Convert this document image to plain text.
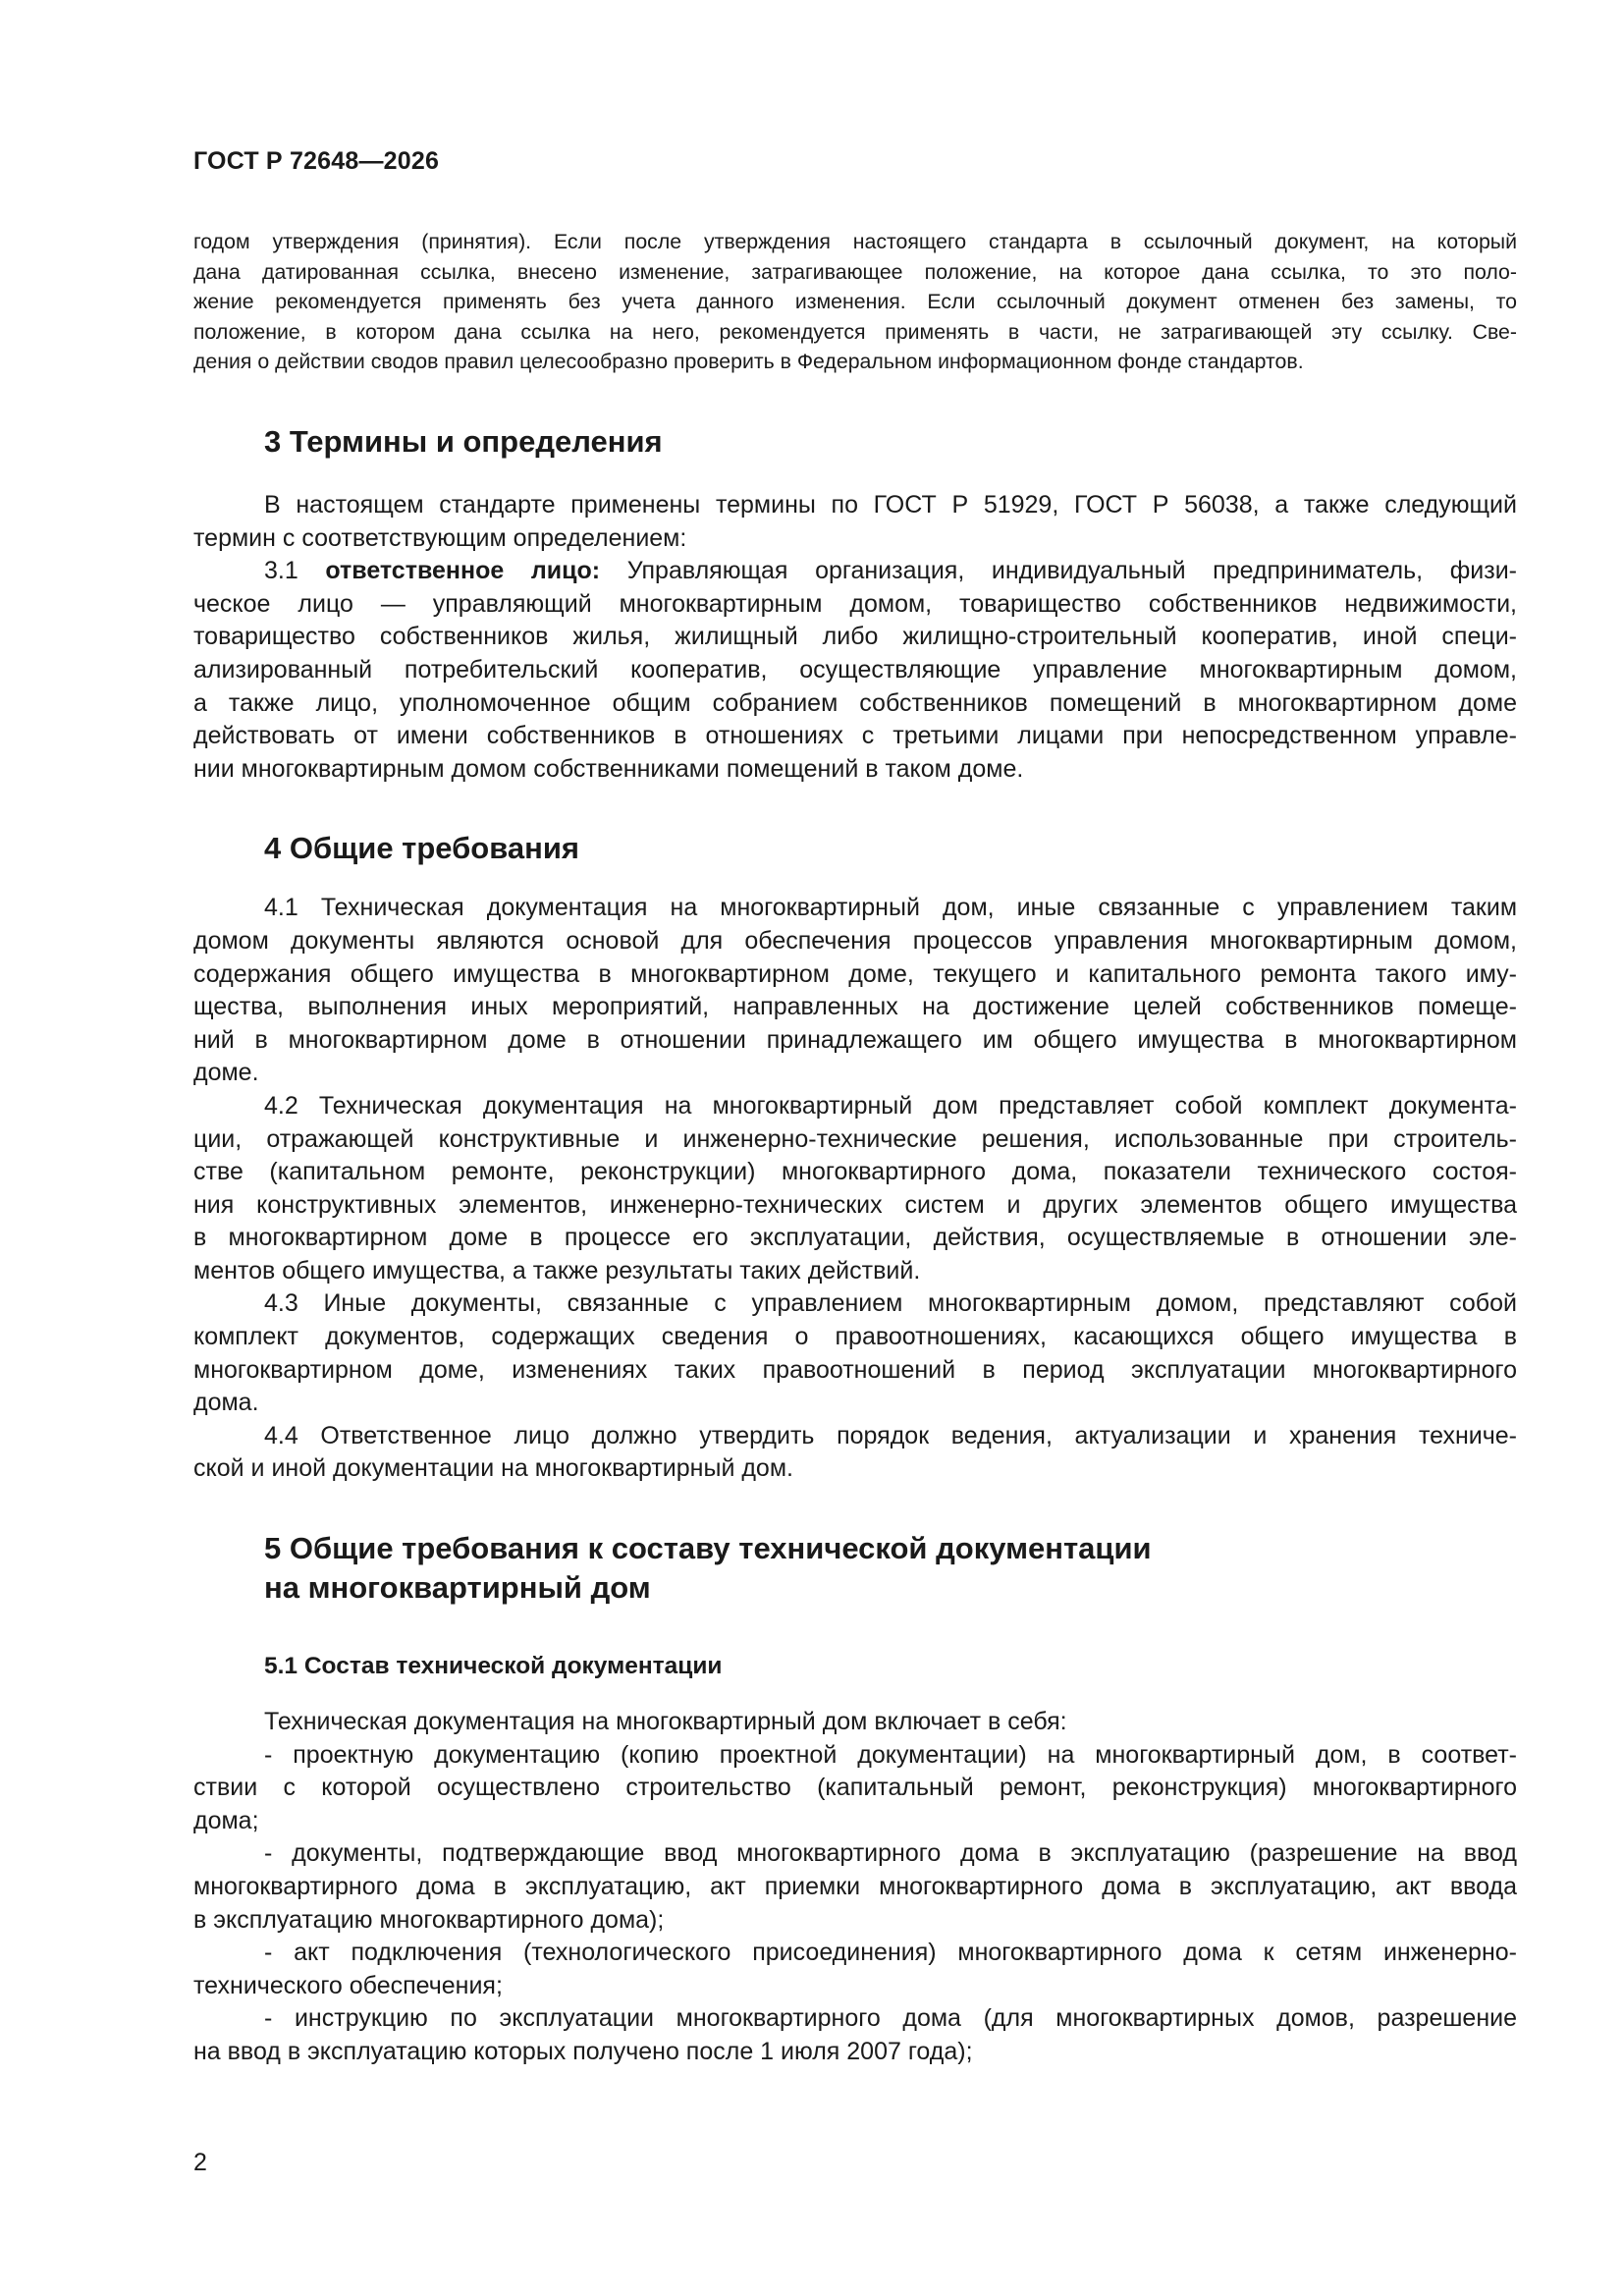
ГОСТ Р 72648—2026

годом утверждения (принятия). Если после утверждения настоящего стандарта в ссылочный документ, на который

дана датированная ссылка, внесено изменение, затрагивающее положение, на которое дана ссылка, то это поло-

жение рекомендуется применять без учета данного изменения. Если ссылочный документ отменен без замены, то

положение, в котором дана ссылка на него, рекомендуется применять в части, не затрагивающей эту ссылку. Све-

дения о действии сводов правил целесообразно проверить в Федеральном информационном фонде стандартов.

3 Термины и определения
В настоящем стандарте применены термины по ГОСТ Р 51929, ГОСТ Р 56038, а также следующий
термин с соответствующим определением:
3.1 ответственное лицо: Управляющая организация, индивидуальный предприниматель, физи-
ческое лицо — управляющий многоквартирным домом, товарищество собственников недвижимости,
товарищество собственников жилья, жилищный либо жилищно-строительный кооператив, иной специ-
ализированный потребительский кооператив, осуществляющие управление многоквартирным домом,
а также лицо, уполномоченное общим собранием собственников помещений в многоквартирном доме
действовать от имени собственников в отношениях с третьими лицами при непосредственном управле-
нии многоквартирным домом собственниками помещений в таком доме.
4 Общие требования
4.1 Техническая документация на многоквартирный дом, иные связанные с управлением таким
домом документы являются основой для обеспечения процессов управления многоквартирным домом,
содержания общего имущества в многоквартирном доме, текущего и капитального ремонта такого иму-
щества, выполнения иных мероприятий, направленных на достижение целей собственников помеще-
ний в многоквартирном доме в отношении принадлежащего им общего имущества в многоквартирном
доме.
4.2 Техническая документация на многоквартирный дом представляет собой комплект документа-
ции, отражающей конструктивные и инженерно-технические решения, использованные при строитель-
стве (капитальном ремонте, реконструкции) многоквартирного дома, показатели технического состоя-
ния конструктивных элементов, инженерно-технических систем и других элементов общего имущества
в многоквартирном доме в процессе его эксплуатации, действия, осуществляемые в отношении эле-
ментов общего имущества, а также результаты таких действий.
4.3 Иные документы, связанные с управлением многоквартирным домом, представляют собой
комплект документов, содержащих сведения о правоотношениях, касающихся общего имущества в
многоквартирном доме, изменениях таких правоотношений в период эксплуатации многоквартирного
дома.
4.4 Ответственное лицо должно утвердить порядок ведения, актуализации и хранения техниче-
ской и иной документации на многоквартирный дом.
5 Общие требования к составу технической документации
на многоквартирный дом
5.1 Состав технической документации
Техническая документация на многоквартирный дом включает в себя:
- проектную документацию (копию проектной документации) на многоквартирный дом, в соответ-
ствии с которой осуществлено строительство (капитальный ремонт, реконструкция) многоквартирного
дома;
- документы, подтверждающие ввод многоквартирного дома в эксплуатацию (разрешение на ввод
многоквартирного дома в эксплуатацию, акт приемки многоквартирного дома в эксплуатацию, акт ввода
в эксплуатацию многоквартирного дома);
- акт подключения (технологического присоединения) многоквартирного дома к сетям инженерно-
технического обеспечения;
- инструкцию по эксплуатации многоквартирного дома (для многоквартирных домов, разрешение
на ввод в эксплуатацию которых получено после 1 июля 2007 года);
2
